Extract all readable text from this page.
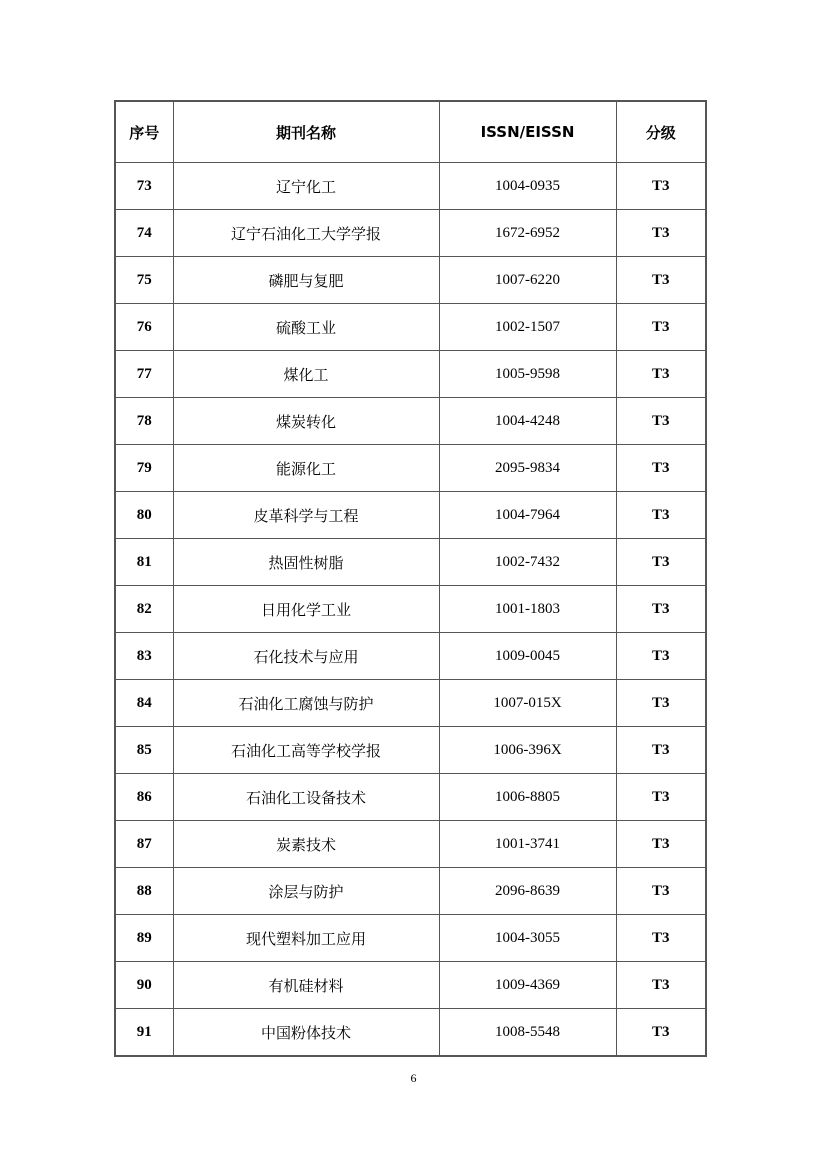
序号	期刊名称	ISSN/EISSN	分级
73	辽宁化工	1004-0935	T3
74	辽宁石油化工大学学报	1672-6952	T3
75	磷肥与复肥	1007-6220	T3
76	硫酸工业	1002-1507	T3
77	煤化工	1005-9598	T3
78	煤炭转化	1004-4248	T3
79	能源化工	2095-9834	T3
80	皮革科学与工程	1004-7964	T3
81	热固性树脂	1002-7432	T3
82	日用化学工业	1001-1803	T3
83	石化技术与应用	1009-0045	T3
84	石油化工腐蚀与防护	1007-015X	T3
85	石油化工高等学校学报	1006-396X	T3
86	石油化工设备技术	1006-8805	T3
87	炭素技术	1001-3741	T3
88	涂层与防护	2096-8639	T3
89	现代塑料加工应用	1004-3055	T3
90	有机硅材料	1009-4369	T3
91	中国粉体技术	1008-5548	T3
6
